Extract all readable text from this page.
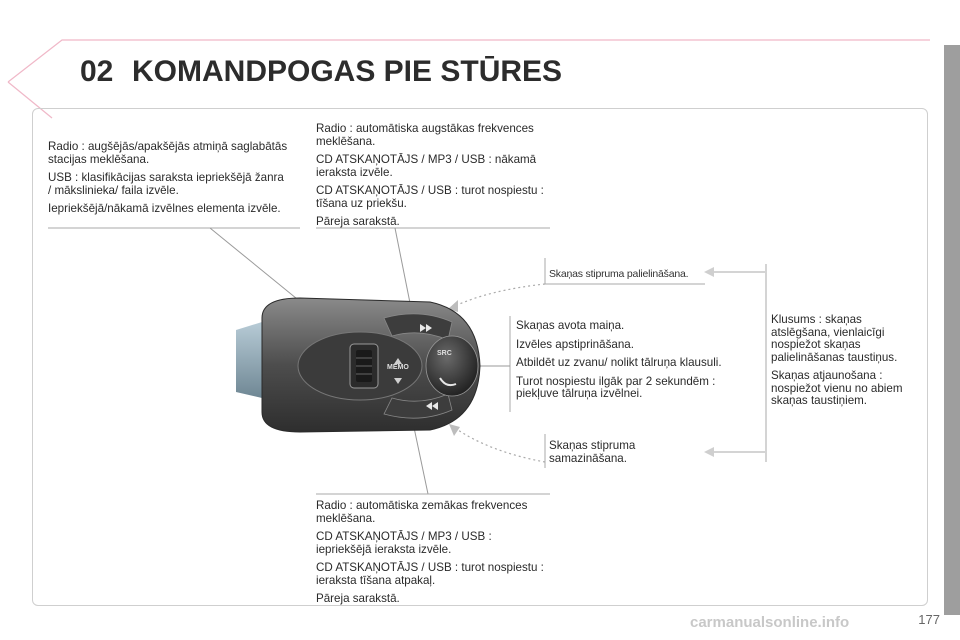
02 KOMANDPOGAS PIE STŪRES
MEMO
SRC

Radio : augšējās/apakšējās atmiņā saglabātās stacijas meklēšana.

USB : klasifikācijas saraksta iepriekšējā žanra / mākslinieka/ faila izvēle.

Iepriekšējā/nākamā izvēlnes elementa izvēle.

Radio : automātiska augstākas frekvences meklēšana.

CD ATSKAŅOTĀJS / MP3 / USB : nākamā ieraksta izvēle.

CD ATSKAŅOTĀJS / USB : turot nospiestu : tīšana uz priekšu.

Pāreja sarakstā.

Skaņas stipruma palielināšana.

Skaņas avota maiņa.

Izvēles apstiprināšana.

Atbildēt uz zvanu/ nolikt tālruņa klausuli.

Turot nospiestu ilgāk par 2 sekundēm : piekļuve tālruņa izvēlnei.

Klusums : skaņas atslēgšana, vienlaicīgi nospiežot skaņas palielināšanas taustiņus.

Skaņas atjaunošana : nospiežot vienu no abiem skaņas taustiņiem.

Skaņas stipruma samazināšana.

Radio : automātiska zemākas frekvences meklēšana.

CD ATSKAŅOTĀJS / MP3 / USB : iepriekšējā ieraksta izvēle.

CD ATSKAŅOTĀJS / USB : turot nospiestu : ieraksta tīšana atpakaļ.

Pāreja sarakstā.

carmanualsonline.info	177
